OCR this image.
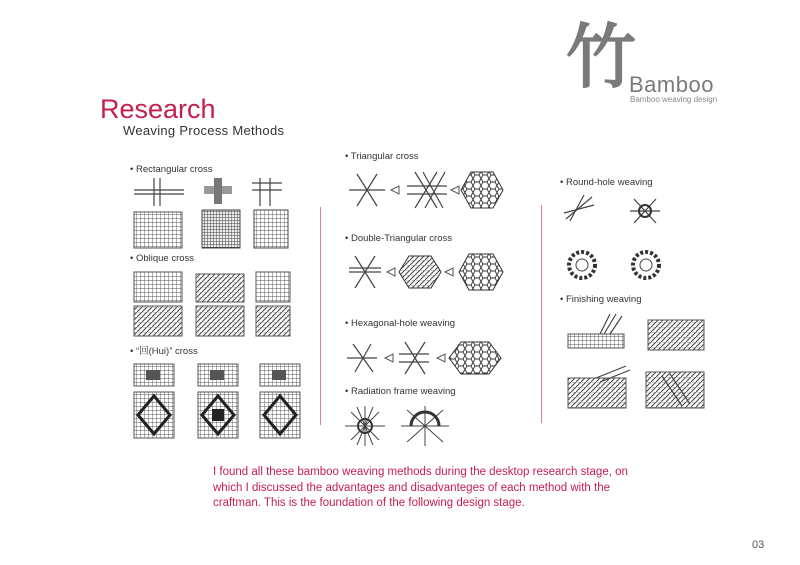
竹
Bamboo
Bamboo weaving design
Research
Weaving Process Methods
• Rectangular cross
• Oblique cross
• “回(Hui)” cross
• Triangular cross
• Double-Triangular cross
• Hexagonal-hole weaving
• Radiation frame weaving
• Round-hole weaving
• Finishing weaving
I found all these bamboo weaving methods during the desktop research stage, on which I discussed the advantages and disadvanteges of each method with the craftman. This is the foundation of the following design stage.
03
